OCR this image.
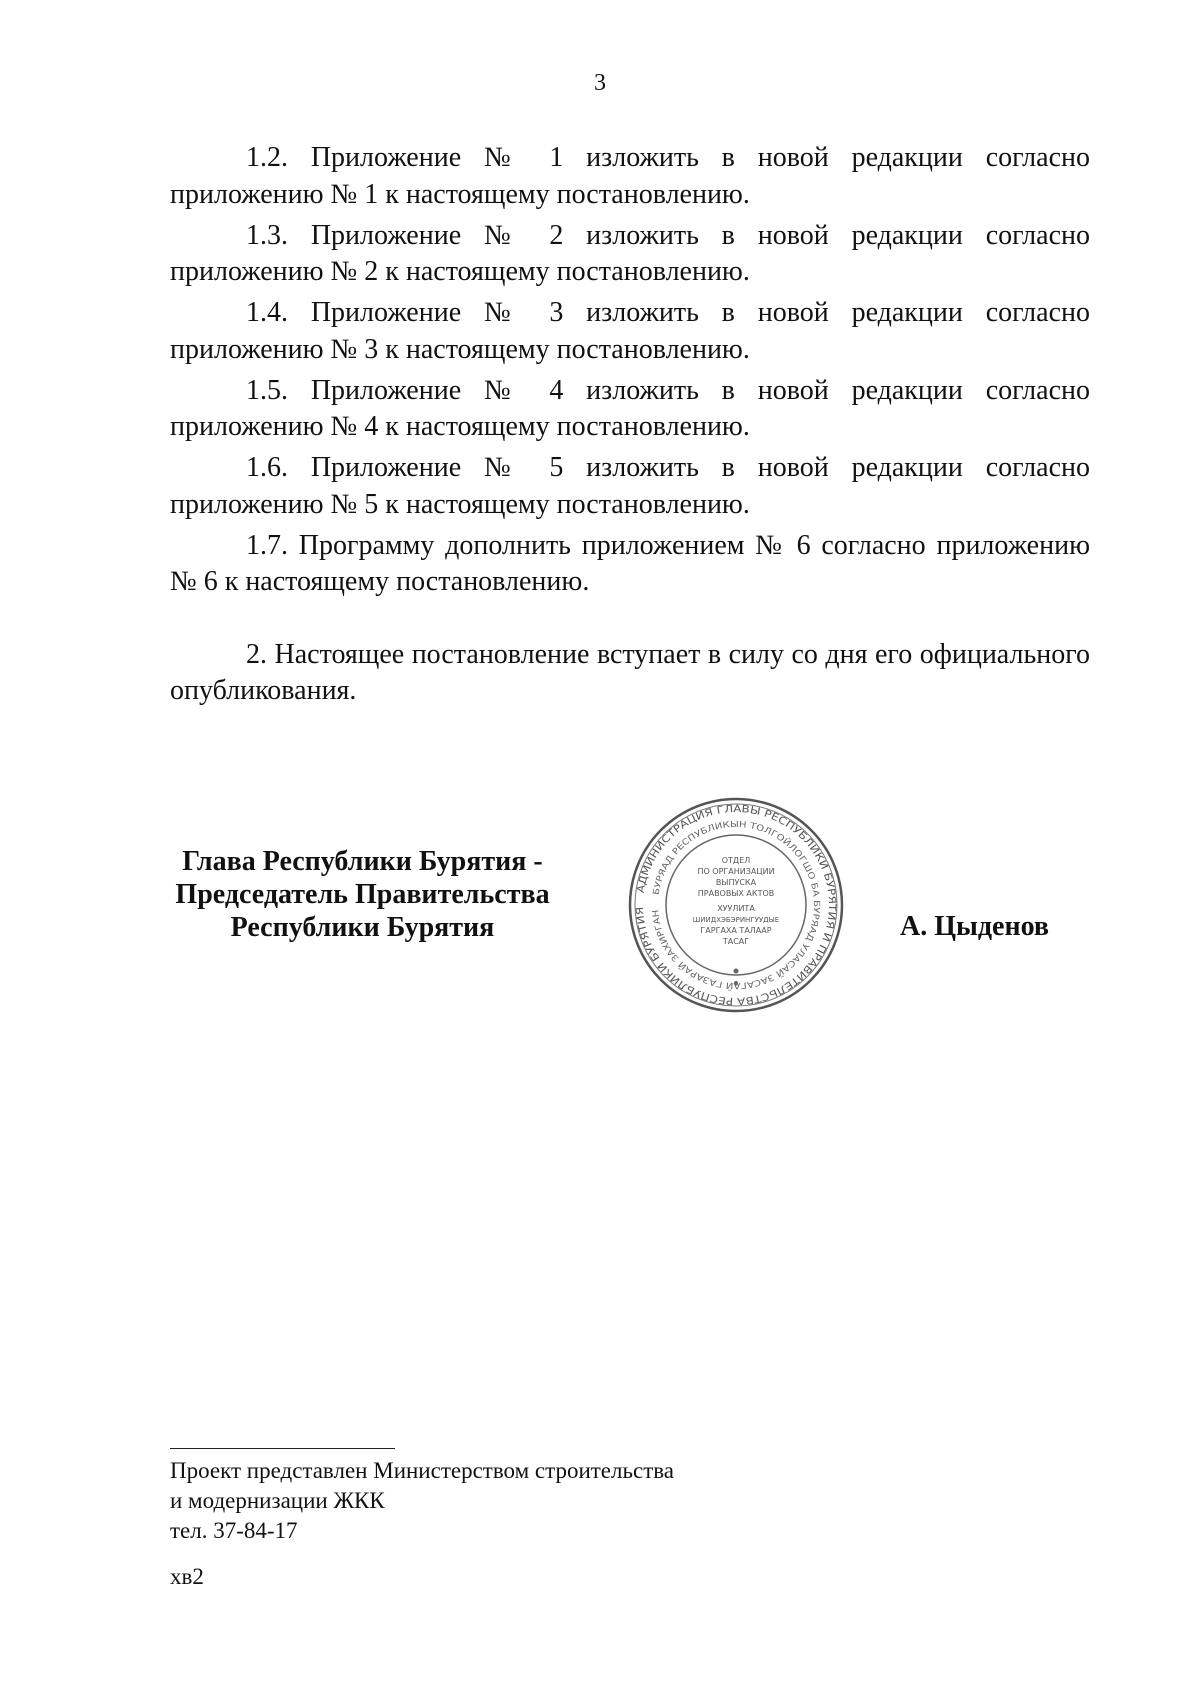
3

1.2. Приложение № 1 изложить в новой редакции согласно приложению № 1 к настоящему постановлению.

1.3. Приложение № 2 изложить в новой редакции согласно приложению № 2 к настоящему постановлению.

1.4. Приложение № 3 изложить в новой редакции согласно приложению № 3 к настоящему постановлению.

1.5. Приложение № 4 изложить в новой редакции согласно приложению № 4 к настоящему постановлению.

1.6. Приложение № 5 изложить в новой редакции согласно приложению № 5 к настоящему постановлению.

1.7. Программу дополнить приложением № 6 согласно приложению № 6 к настоящему постановлению.

2. Настоящее постановление вступает в силу со дня его официального опубликования.

Глава Республики Бурятия -
Председатель Правительства
Республики Бурятия
АДМИНИСТРАЦИЯ ГЛАВЫ РЕСПУБЛИКИ БУРЯТИЯ И ПРАВИТЕЛЬСТВА РЕСПУБЛИКИ БУРЯТИЯ
БУРЯАД РЕСПУБЛИКЫН ТОЛГОЙЛОГШО БА БУРЯАД УЛАСАЙ ЗАСАГАЙ ГАЗАРАЙ ЗАХИРГАН
ОТДЕЛ
ПО ОРГАНИЗАЦИИ
ВЫПУСКА
ПРАВОВЫХ АКТОВ
ХУУЛИТА
ШИИДХЭБЭРИНГУУДЫЕ
ГАРГАХА ТАЛААР
ТАСАГ	А. Цыденов
Проект представлен Министерством строительства
и модернизации ЖКК
тел. 37-84-17
хв2
